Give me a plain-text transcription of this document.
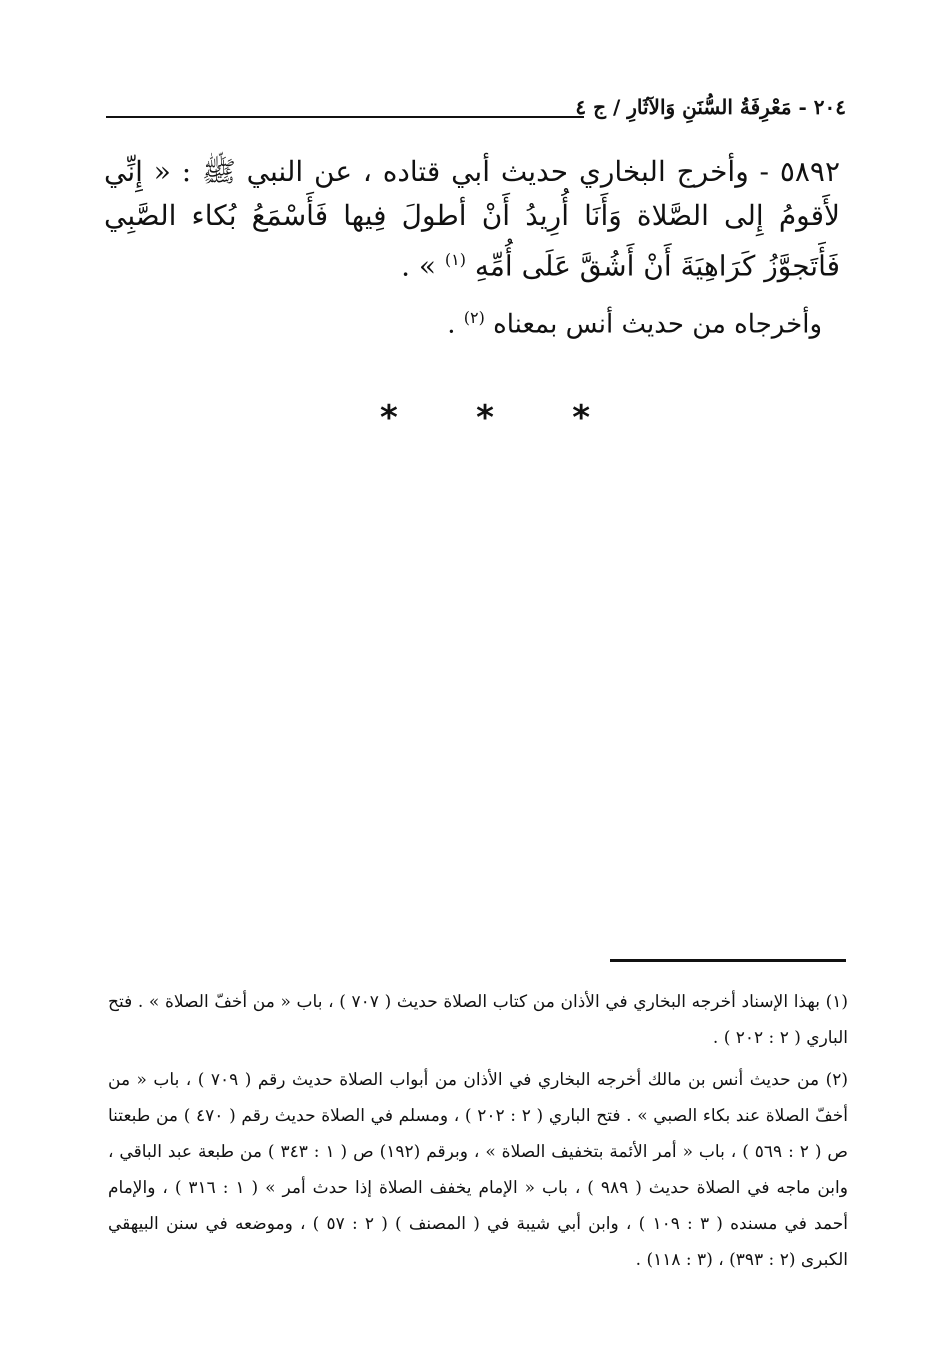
٢٠٤ - مَعْرِفَةُ السُّنَنِ وَالآثَارِ / ج ٤

٥٨٩٢ - وأخرج البخاري حديث أبي قتاده ، عن النبي ﷺ : « إِنِّي لأَقومُ إِلى الصَّلاة وَأَنَا أُرِيدُ أَنْ أطولَ فِيها فَأَسْمَعُ بُكاء الصَّبِي فَأَتَجوَّزُ كَرَاهِيَةَ أَنْ أَشُقَّ عَلَى أُمِّهِ $^{(١)}$ » .

وأخرجاه من حديث أنس بمعناه $^{(٢)}$ .
* * *

(١) بهذا الإسناد أخرجه البخاري في الأذان من كتاب الصلاة حديث ( ٧٠٧ ) ، باب « من أخفّ الصلاة » . فتح الباري ( ٢ : ٢٠٢ ) .

(٢) من حديث أنس بن مالك أخرجه البخاري في الأذان من أبواب الصلاة حديث رقم ( ٧٠٩ ) ، باب « من أخفّ الصلاة عند بكاء الصبي » . فتح الباري ( ٢ : ٢٠٢ ) ، ومسلم في الصلاة حديث رقم ( ٤٧٠ ) من طبعتنا ص ( ٢ : ٥٦٩ ) ، باب « أمر الأئمة بتخفيف الصلاة » ، وبرقم (١٩٢) ص ( ١ : ٣٤٣ ) من طبعة عبد الباقي ، وابن ماجه في الصلاة حديث ( ٩٨٩ ) ، باب « الإمام يخفف الصلاة إذا حدث أمر » ( ١ : ٣١٦ ) ، والإمام أحمد في مسنده ( ٣ : ١٠٩ ) ، وابن أبي شيبة في ( المصنف ) ( ٢ : ٥٧ ) ، وموضعه في سنن البيهقي الكبرى (٢ : ٣٩٣) ، (٣ : ١١٨) .
